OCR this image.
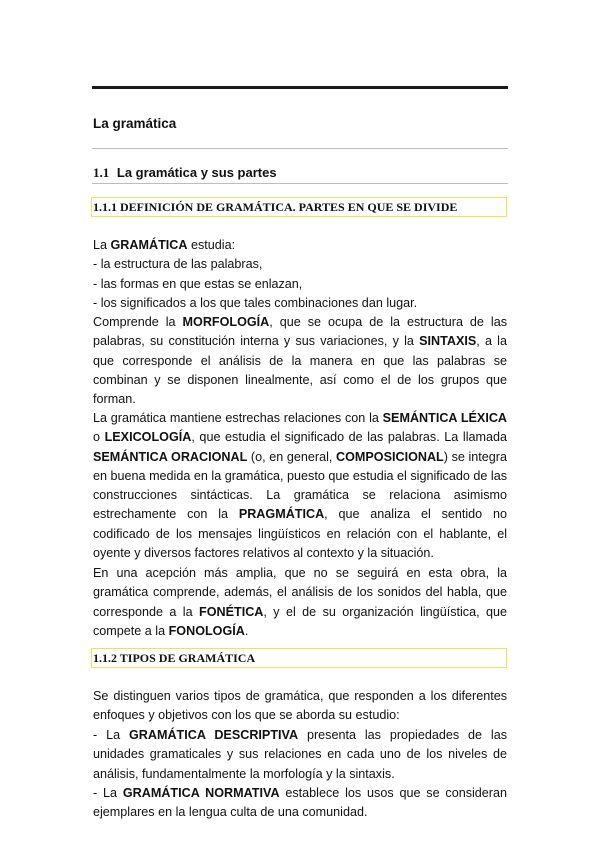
La gramática
1.1 La gramática y sus partes
1.1.1 DEFINICIÓN DE GRAMÁTICA. PARTES EN QUE SE DIVIDE

La GRAMÁTICA estudia:

- la estructura de las palabras,

- las formas en que estas se enlazan,

- los significados a los que tales combinaciones dan lugar.

Comprende la MORFOLOGÍA, que se ocupa de la estructura de las palabras, su constitución interna y sus variaciones, y la SINTAXIS, a la que corresponde el análisis de la manera en que las palabras se combinan y se disponen linealmente, así como el de los grupos que forman.

La gramática mantiene estrechas relaciones con la SEMÁNTICA LÉXICA o LEXICOLOGÍA, que estudia el significado de las palabras. La llamada SEMÁNTICA ORACIONAL (o, en general, COMPOSICIONAL) se integra en buena medida en la gramática, puesto que estudia el significado de las construcciones sintácticas. La gramática se relaciona asimismo estrechamente con la PRAGMÁTICA, que analiza el sentido no codificado de los mensajes lingüísticos en relación con el hablante, el oyente y diversos factores relativos al contexto y la situación.

En una acepción más amplia, que no se seguirá en esta obra, la gramática comprende, además, el análisis de los sonidos del habla, que corresponde a la FONÉTICA, y el de su organización lingüística, que compete a la FONOLOGÍA.

1.1.2 TIPOS DE GRAMÁTICA

Se distinguen varios tipos de gramática, que responden a los diferentes enfoques y objetivos con los que se aborda su estudio:

- La GRAMÁTICA DESCRIPTIVA presenta las propiedades de las unidades gramaticales y sus relaciones en cada uno de los niveles de análisis, fundamentalmente la morfología y la sintaxis.

- La GRAMÁTICA NORMATIVA establece los usos que se consideran ejemplares en la lengua culta de una comunidad.
